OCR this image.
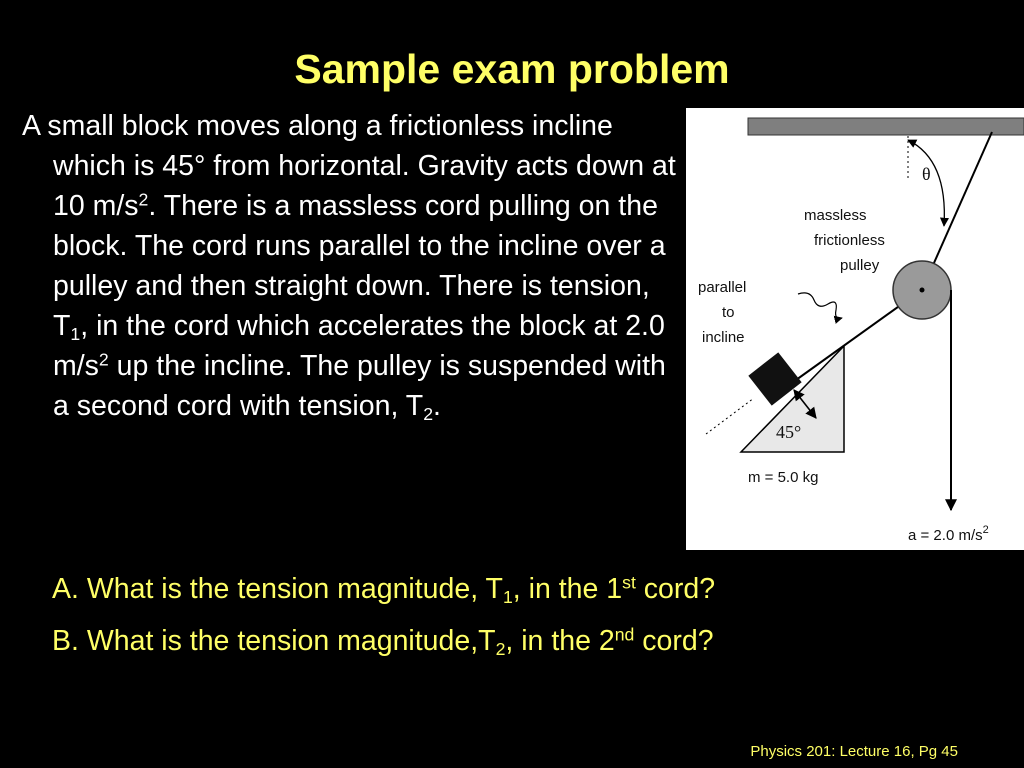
Sample exam problem

A small block moves along a frictionless incline which is 45° from horizontal. Gravity acts down at 10 $m/s^2$. There is a massless cord pulling on the block. The cord runs parallel to the incline over a pulley and then straight down. There is tension, $T_1$, in the cord which accelerates the block at 2.0 $m/s^2$ up the incline. The pulley is suspended with a second cord with tension, $T_2$.

θ
massless
frictionless
pulley
parallel
to
incline
45°
m = 5.0 kg
a = 2.0 $m/s^2$

A. What is the tension magnitude, $T_1$, in the 1st cord?

B. What is the tension $magnitude,T_2$, in the 2nd cord?

Physics 201: Lecture 16, Pg 45
